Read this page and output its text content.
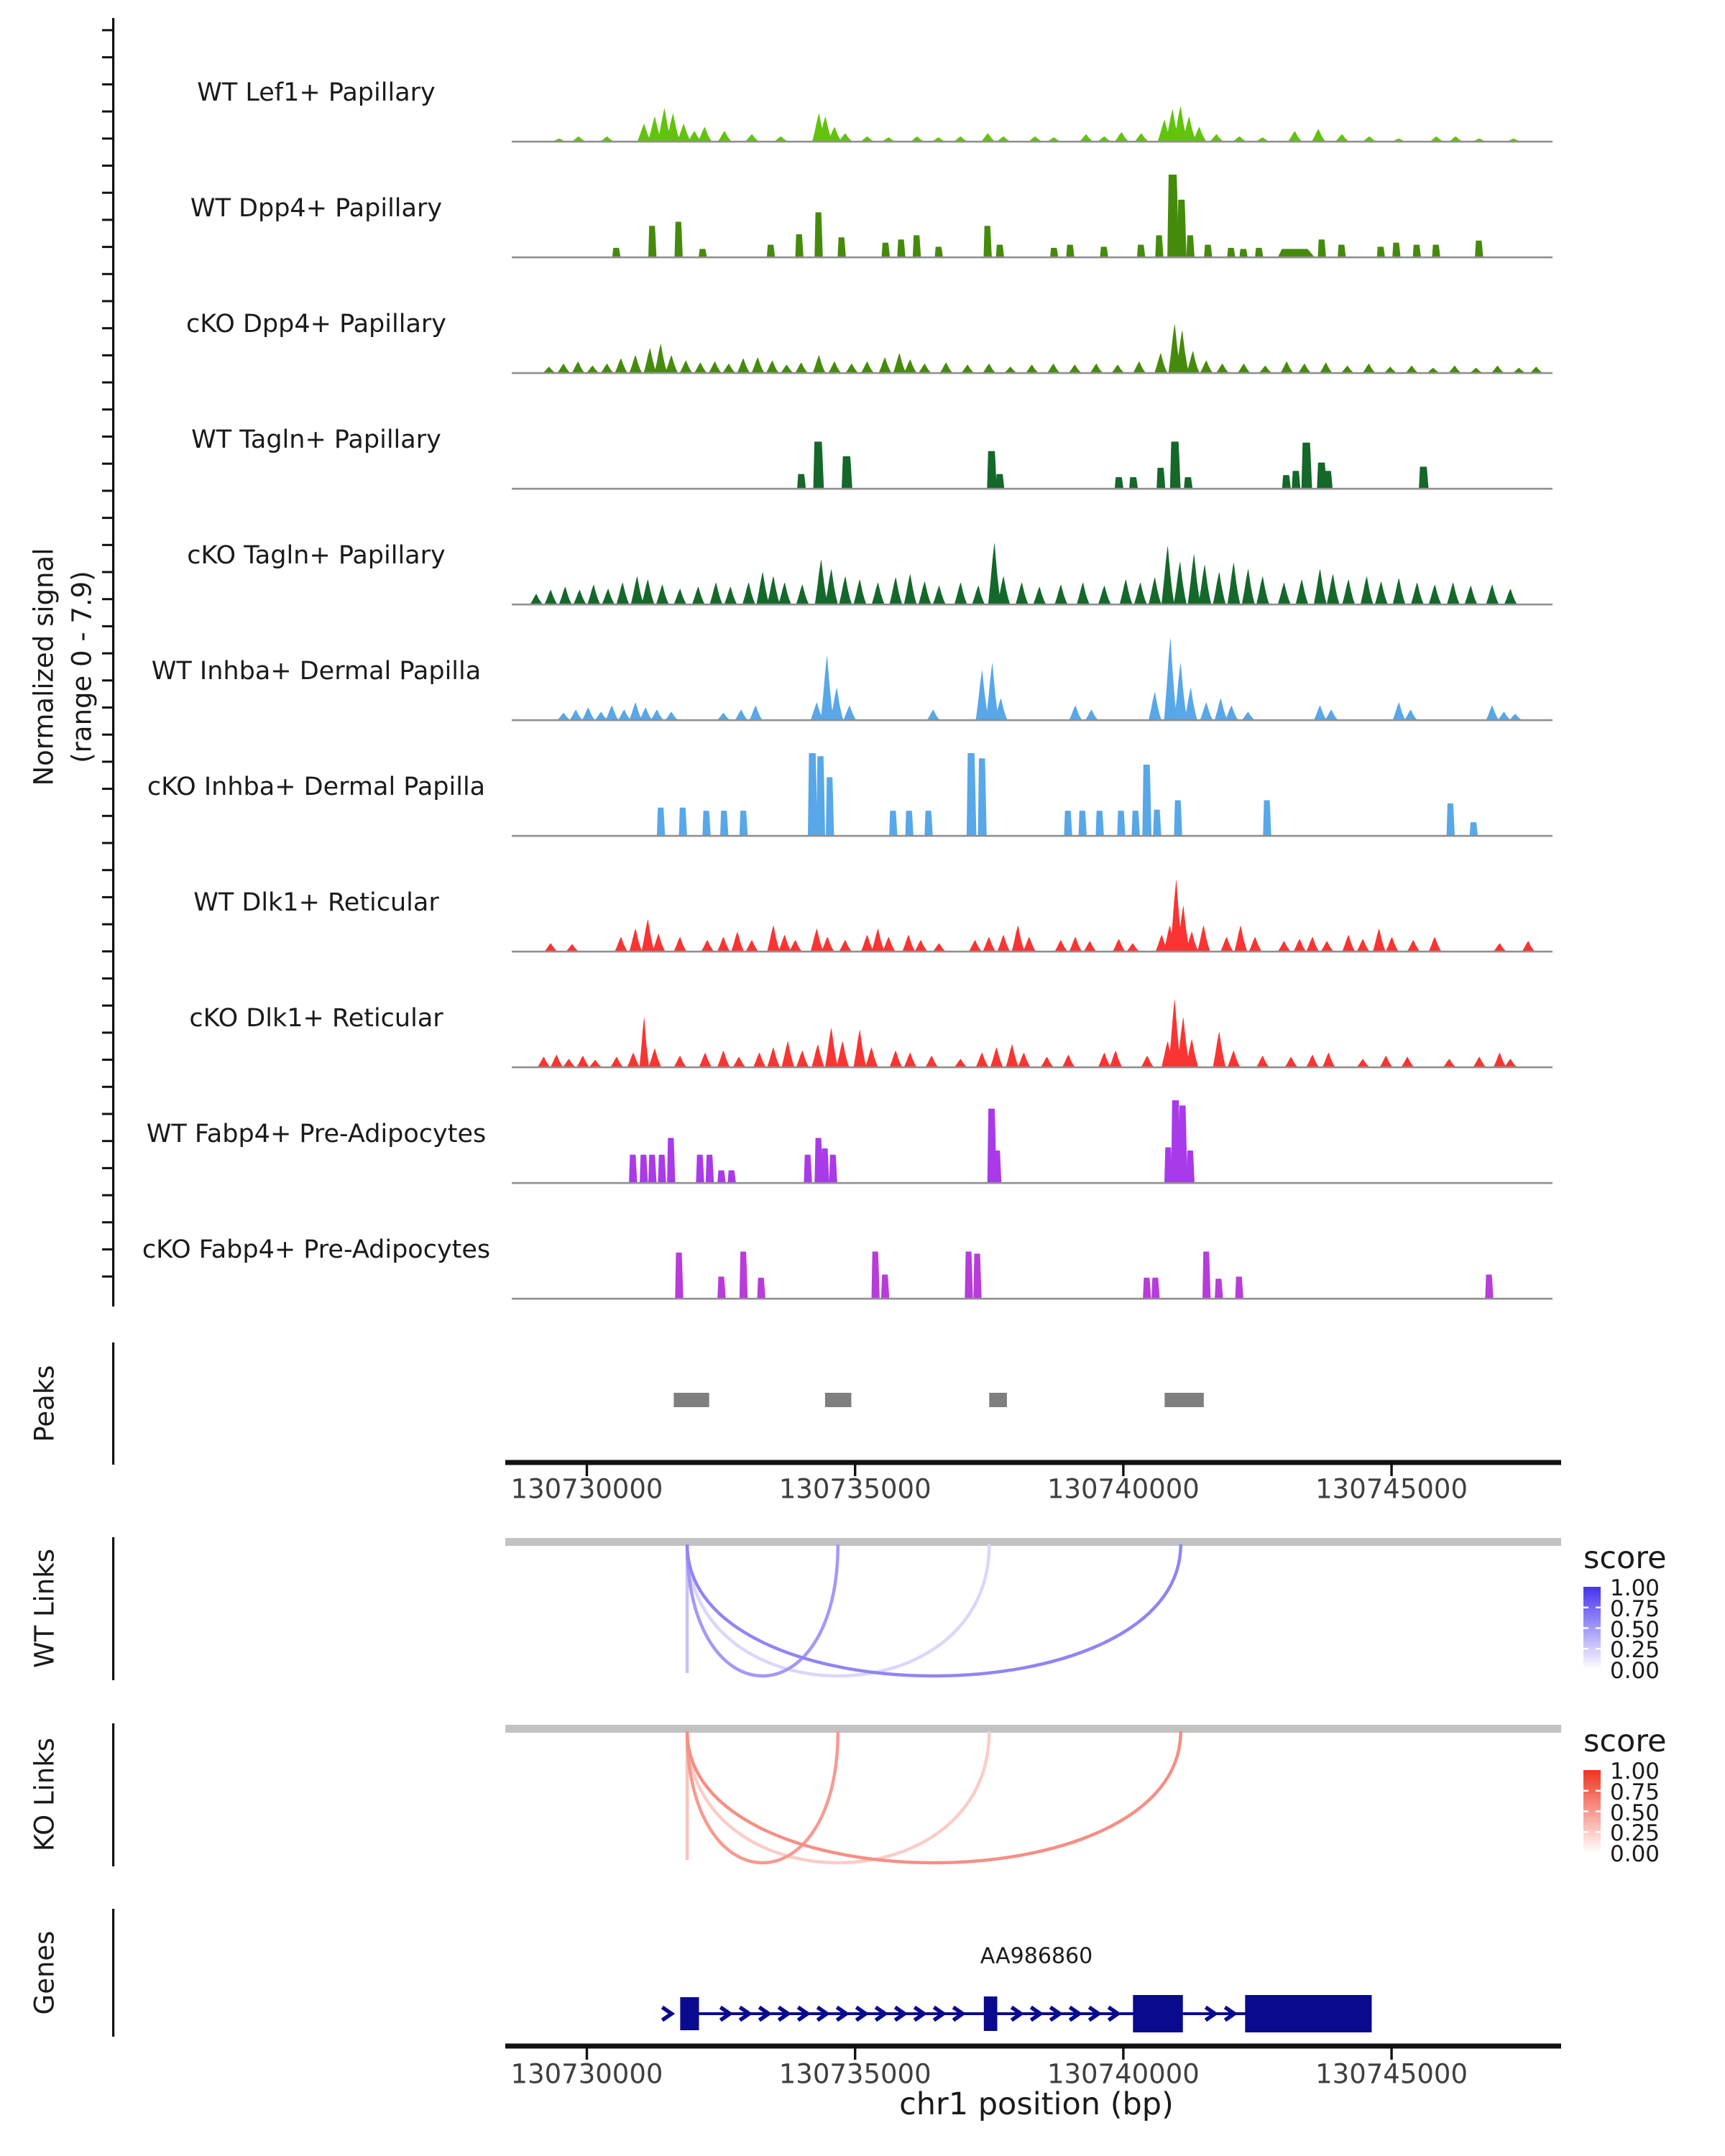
Normalized signal (range 0 - 7.9)
Peaks
WT Links
KO Links
Genes
score
score
AA986860
chr1 position (bp)
WT Lef1+ Papillary
WT Dpp4+ Papillary
cKO Dpp4+ Papillary
WT Tagln+ Papillary
cKO Tagln+ Papillary
WT Inhba+ Dermal Papilla
cKO Inhba+ Dermal Papilla
WT Dlk1+ Reticular
cKO Dlk1+ Reticular
WT Fabp4+ Pre-Adipocytes
cKO Fabp4+ Pre-Adipocytes
130730000	130735000	130740000	130745000
130730000	130735000	130740000	130745000
1.00
0.75
0.50
0.25
0.00
1.00
0.75
0.50
0.25
0.00
